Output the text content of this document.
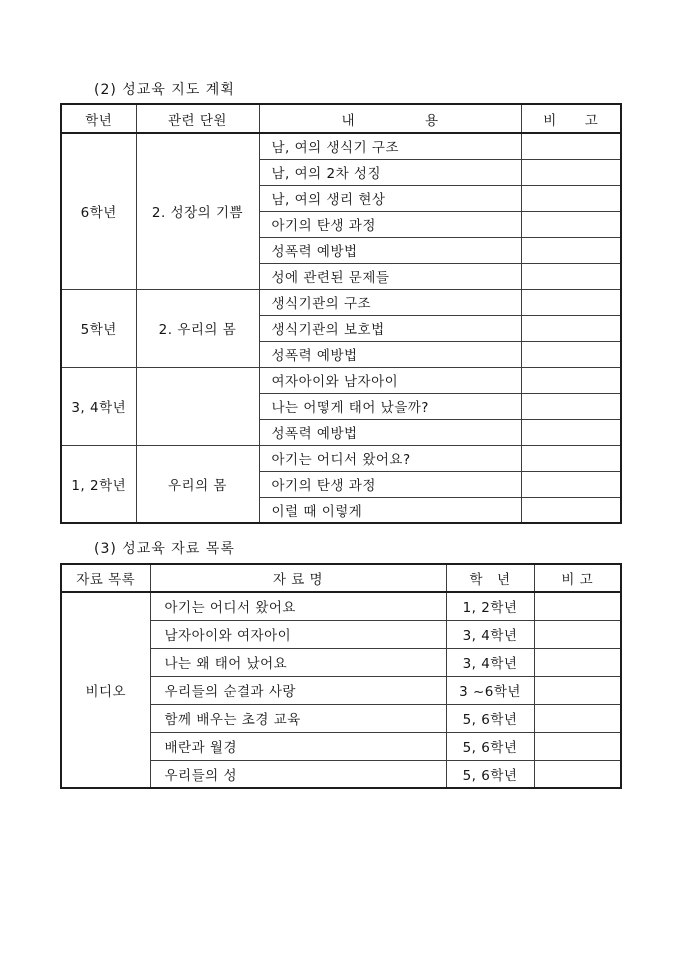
(2) 성교육 지도 계획
학년	관련 단원	내　　　　　용	비　　고
6학년	2. 성장의 기쁨	남, 여의 생식기 구조	
		남, 여의 2차 성징	
		남, 여의 생리 현상	
		아기의 탄생 과정	
		성폭력 예방법	
		성에 관련된 문제들	
5학년	2. 우리의 몸	생식기관의 구조	
		생식기관의 보호법	
		성폭력 예방법	
3, 4학년		여자아이와 남자아이	
		나는 어떻게 태어 났을까?	
		성폭력 예방법	
1, 2학년	우리의 몸	아기는 어디서 왔어요?	
		아기의 탄생 과정	
		이럴 때 이렇게	
(3) 성교육 자료 목록
자료 목록	자 료 명	학　년	비 고
비디오	아기는 어디서 왔어요	1, 2학년	
	남자아이와 여자아이	3, 4학년	
	나는 왜 태어 났어요	3, 4학년	
	우리들의 순결과 사랑	3 ~6학년	
	함께 배우는 초경 교육	5, 6학년	
	배란과 월경	5, 6학년	
	우리들의 성	5, 6학년	
